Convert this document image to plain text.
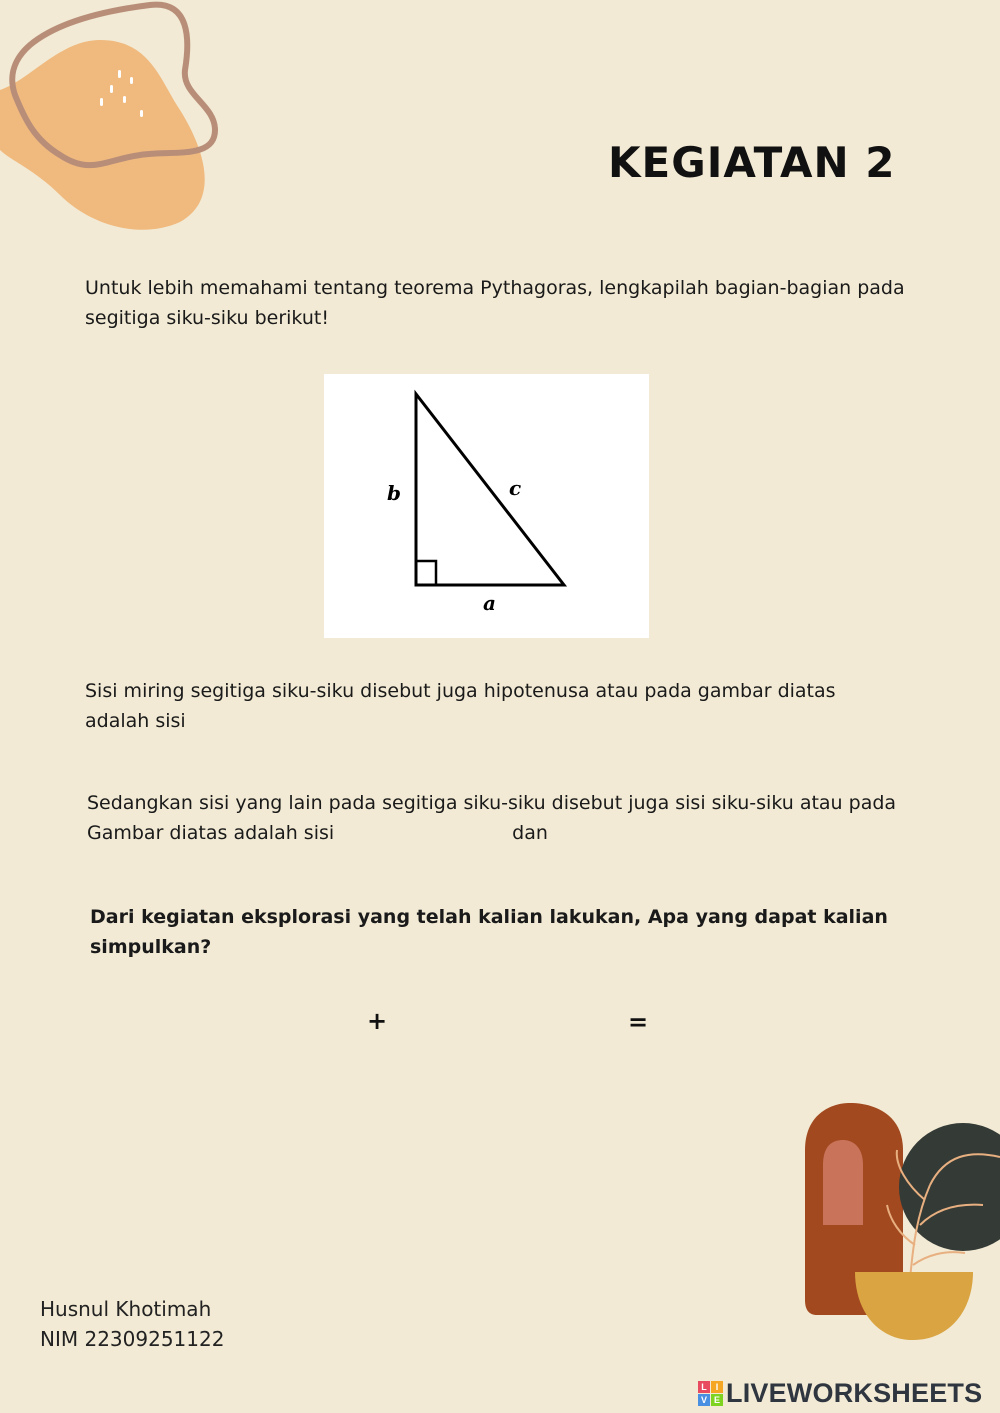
KEGIATAN 2
Untuk lebih memahami tentang teorema Pythagoras, lengkapilah bagian-bagian pada segitiga siku-siku berikut!
b	c
a
Sisi miring segitiga siku-siku disebut juga hipotenusa atau pada gambar diatas adalah sisi
Sedangkan sisi yang lain pada segitiga siku-siku disebut juga sisi siku-siku atau pada Gambar diatas adalah sisi	dan
Dari kegiatan eksplorasi yang telah kalian lakukan, Apa yang dapat kalian simpulkan?
+	=
Husnul Khotimah
NIM 22309251122
L I
V E LIVEWORKSHEETS
